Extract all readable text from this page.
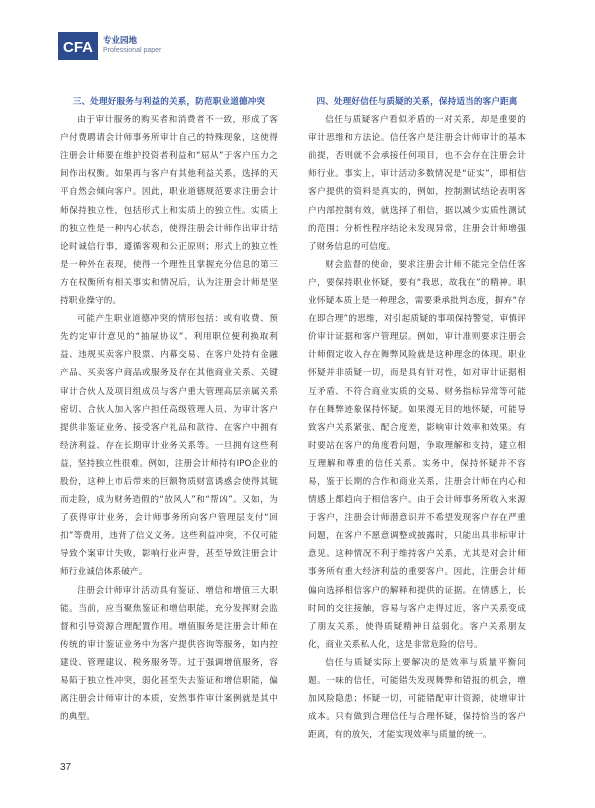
CFA 专业园地
Professional paper

三、处理好服务与利益的关系，防范职业道德冲突

由于审计服务的购买者和消费者不一致，形成了客户付费聘请会计师事务所审计自己的特殊现象，这使得注册会计师要在维护投资者利益和“屈从”于客户压力之间作出权衡。如果再与客户有其他利益关系，选择的天平自然会倾向客户。因此，职业道德规范要求注册会计师保持独立性，包括形式上和实质上的独立性。实质上的独立性是一种内心状态，使得注册会计师作出审计结论时诚信行事，遵循客观和公正原则；形式上的独立性是一种外在表现，使得一个理性且掌握充分信息的第三方在权衡所有相关事实和情况后，认为注册会计师是坚持职业操守的。

可能产生职业道德冲突的情形包括：或有收费、预先约定审计意见的“抽屉协议”、利用职位便利换取利益、违规买卖客户股票、内幕交易、在客户处持有金融产品、买卖客户商品或服务及存在其他商业关系、关键审计合伙人及项目组成员与客户重大管理高层亲属关系密切、合伙人加入客户担任高级管理人员、为审计客户提供非鉴证业务、接受客户礼品和款待、在客户中拥有经济利益、存在长期审计业务关系等。一旦拥有这些利益，坚持独立性很难。例如，注册会计师持有IPO企业的股份，这种上市后带来的巨额物质财富诱惑会使得其铤而走险，成为财务造假的“放风人”和“帮凶”。又如，为了获得审计业务，会计师事务所向客户管理层支付“回扣”等费用，违背了信义义务。这些利益冲突，不仅可能导致个案审计失败，影响行业声誉，甚至导致注册会计师行业诚信体系破产。

注册会计师审计活动具有鉴证、增信和增值三大职能。当前，应当聚焦鉴证和增信职能，充分发挥财会监督和引导资源合理配置作用。增值服务是注册会计师在传统的审计鉴证业务中为客户提供咨询等服务，如内控建设、管理建议、税务服务等。过于强调增值服务，容易陷于独立性冲突，弱化甚至失去鉴证和增信职能，偏离注册会计师审计的本质，安然事件审计案例就是其中的典型。

四、处理好信任与质疑的关系，保持适当的客户距离

信任与质疑客户看似矛盾的一对关系，却是重要的审计思维和方法论。信任客户是注册会计师审计的基本前提，否则就不会承接任何项目，也不会存在注册会计师行业。事实上，审计活动多数情况是“证实”，即相信客户提供的资料是真实的，例如，控制测试结论表明客户内部控制有效，就选择了相信，据以减少实质性测试的范围；分析性程序结论未发现异常，注册会计师增强了财务信息的可信度。

财会监督的使命，要求注册会计师不能完全信任客户，要保持职业怀疑，要有“我思，故我在”的精神。职业怀疑本质上是一种理念，需要秉承批判态度，摒弃“存在即合理”的思维，对引起质疑的事项保持警觉，审慎评价审计证据和客户管理层。例如，审计准则要求注册会计师假定收入存在舞弊风险就是这种理念的体现。职业怀疑并非质疑一切，而是具有针对性，如对审计证据相互矛盾、不符合商业实质的交易、财务指标异常等可能存在舞弊迹象保持怀疑。如果漫无目的地怀疑，可能导致客户关系紧张、配合度差，影响审计效率和效果。有时要站在客户的角度看问题，争取理解和支持，建立相互理解和尊重的信任关系。实务中，保持怀疑并不容易，鉴于长期的合作和商业关系，注册会计师在内心和情感上都趋向于相信客户。由于会计师事务所收入来源于客户，注册会计师潜意识并不希望发现客户存在严重问题，在客户不愿意调整或披露时，只能出具非标审计意见。这种情况不利于维持客户关系，尤其是对会计师事务所有重大经济利益的重要客户。因此，注册会计师偏向选择相信客户的解释和提供的证据。在情感上，长时间的交往接触，容易与客户走得过近，客户关系变成了朋友关系，使得质疑精神日益弱化。客户关系朋友化，商业关系私人化，这是非常危险的信号。

信任与质疑实际上要解决的是效率与质量平衡问题。一味的信任，可能错失发现舞弊和错报的机会，增加风险隐患；怀疑一切，可能错配审计资源，徒增审计成本。只有做到合理信任与合理怀疑，保持恰当的客户距离，有的放矢，才能实现效率与质量的统一。

37
